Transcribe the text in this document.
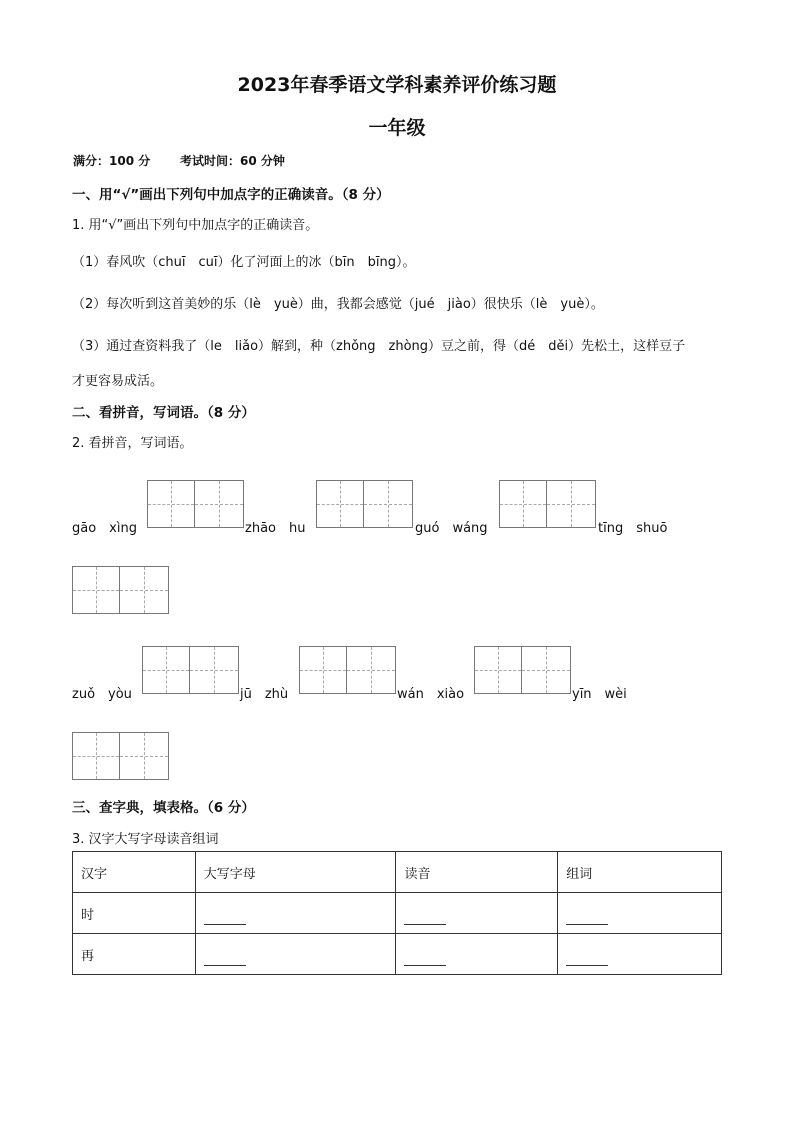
2023年春季语文学科素养评价练习题
一年级
满分：100 分 考试时间：60 分钟
一、用“√”画出下列句中加点字的正确读音。（8 分）
1. 用“√”画出下列句中加点字的正确读音。
（1）春风吹（chuī　cuī）化了河面上的冰（bīn　bīng）。
（2）每次听到这首美妙的乐（lè　yuè）曲，我都会感觉（jué　jiào）很快乐（lè　yuè）。
（3）通过查资料我了（le　liǎo）解到，种（zhǒng　zhòng）豆之前，得（dé　děi）先松土，这样豆子
才更容易成活。
二、看拼音，写词语。（8 分）
2. 看拼音，写词语。
gāo　xìng	zhāo　hu	guó　wáng	tīng　shuō
zuǒ　yòu	jū　zhù	wán　xiào	yīn　wèi
三、查字典，填表格。（6 分）
3. 汉字大写字母读音组词
汉字	大写字母	读音	组词
时			
再			
